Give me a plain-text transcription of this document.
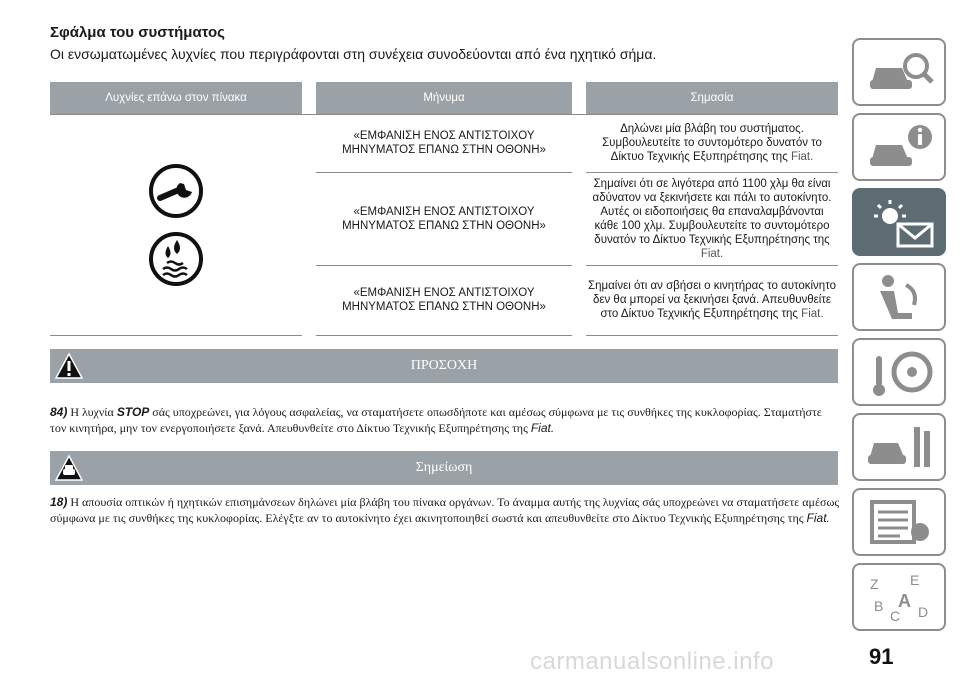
Σφάλμα του συστήματος
Οι ενσωματωμένες λυχνίες που περιγράφονται στη συνέχεια συνοδεύονται από ένα ηχητικό σήμα.
Λυχνίες επάνω στον πίνακα		Μήνυμα		Σημασία

		«ΕΜΦΑΝΙΣΗ ΕΝΟΣ ΑΝΤΙΣΤΟΙΧΟΥ ΜΗΝΥΜΑΤΟΣ ΕΠΑΝΩ ΣΤΗΝ ΟΘΟΝΗ»		Δηλώνει μία βλάβη του συστήματος. Συμβουλευτείτε το συντομότερο δυνατόν το Δίκτυο Τεχνικής Εξυπηρέτησης της Fiat.
		«ΕΜΦΑΝΙΣΗ ΕΝΟΣ ΑΝΤΙΣΤΟΙΧΟΥ ΜΗΝΥΜΑΤΟΣ ΕΠΑΝΩ ΣΤΗΝ ΟΘΟΝΗ»		Σημαίνει ότι σε λιγότερα από 1100 χλμ θα είναι αδύνατον να ξεκινήσετε και πάλι το αυτοκίνητο. Αυτές οι ειδοποιήσεις θα επαναλαμβάνονται κάθε 100 χλμ. Συμβουλευτείτε το συντομότερο δυνατόν το Δίκτυο Τεχνικής Εξυπηρέτησης της Fiat.
		«ΕΜΦΑΝΙΣΗ ΕΝΟΣ ΑΝΤΙΣΤΟΙΧΟΥ ΜΗΝΥΜΑΤΟΣ ΕΠΑΝΩ ΣΤΗΝ ΟΘΟΝΗ»		Σημαίνει ότι αν σβήσει ο κινητήρας το αυτοκίνητο δεν θα μπορεί να ξεκινήσει ξανά. Απευθυνθείτε στο Δίκτυο Τεχνικής Εξυπηρέτησης της Fiat.
ΠΡΟΣΟΧΗ
84) Η λυχνία STOP σάς υποχρεώνει, για λόγους ασφαλείας, να σταματήσετε οπωσδήποτε και αμέσως σύμφωνα με τις συνθήκες της κυκλοφορίας. Σταματήστε τον κινητήρα, μην τον ενεργοποιήσετε ξανά. Απευθυνθείτε στο Δίκτυο Τεχνικής Εξυπηρέτησης της Fiat.
Σημείωση
18) Η απουσία οπτικών ή ηχητικών επισημάνσεων δηλώνει μία βλάβη του πίνακα οργάνων. Το άναμμα αυτής της λυχνίας σάς υποχρεώνει να σταματήσετε αμέσως σύμφωνα με τις συνθήκες της κυκλοφορίας. Ελέγξτε αν το αυτοκίνητο έχει ακινητοποιηθεί σωστά και απευθυνθείτε στο Δίκτυο Τεχνικής Εξυπηρέτησης της Fiat.
Z E
B A
D
C
91
carmanualsonline.info
